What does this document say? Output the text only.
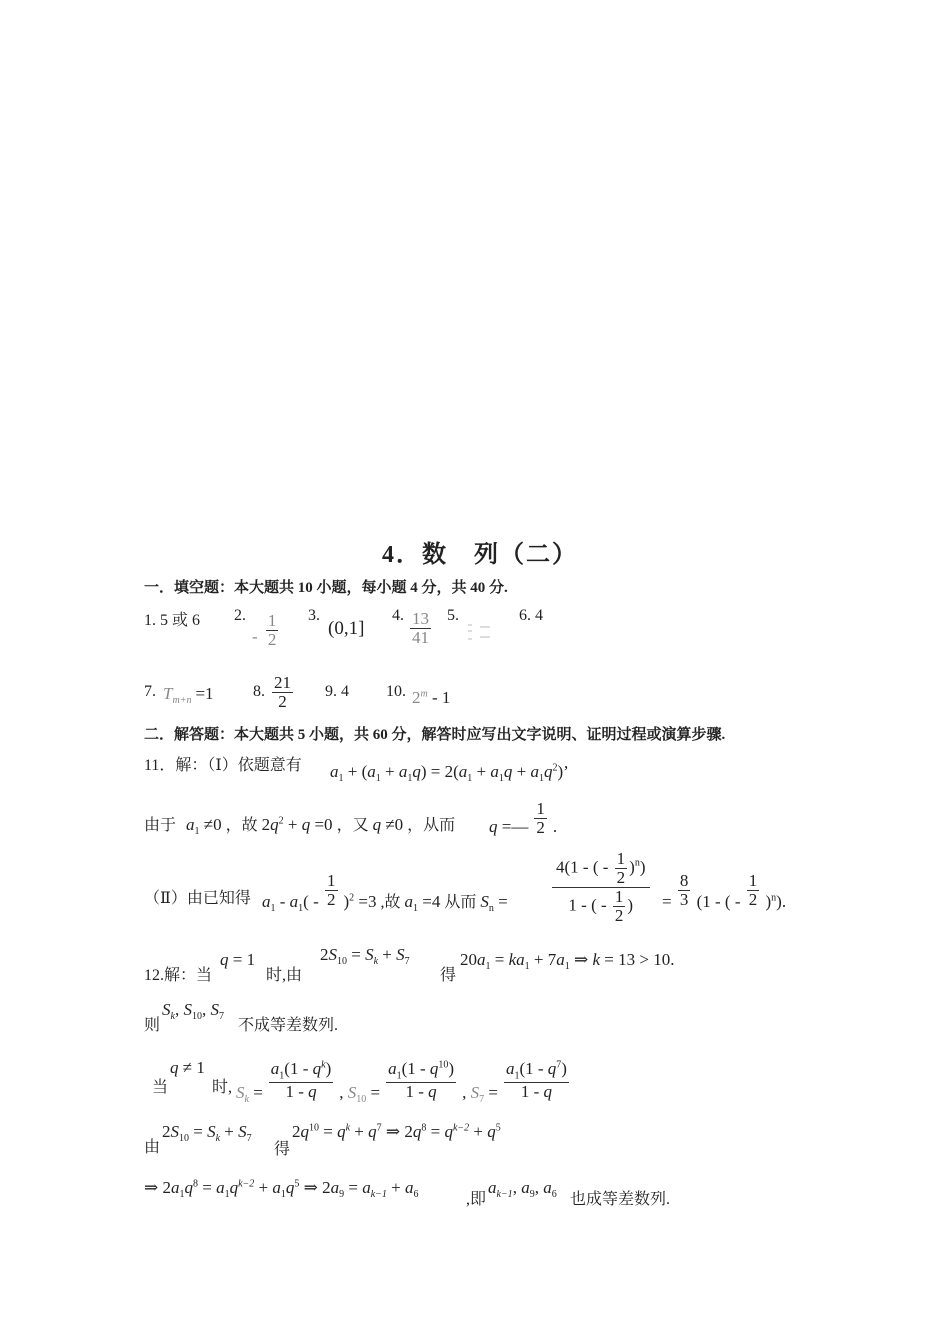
4．数　列（二）
一．填空题：本大题共 10 小题，每小题 4 分，共 40 分.
1. 5 或 6 2.
- $\frac{1}{2} 3$.
(0,1]
4. $\frac{13}{41} 5$.	6. 4
7. $T_{m+n} =1$ 8. $\frac{21}{2} 9$. 4 10. 2$^m$ - 1
二．解答题：本大题共 5 小题，共 60 分，解答时应写出文字说明、证明过程或演算步骤.
11．解：（Ⅰ）依题意有 $a_1 + (a_1 + a_1q) = 2(a_1 + a_1q + a_1q^2)$’
由于 $a_1 \ne 0$ ，故 $2q^2 + q =0$ ，又 q ≠0 ，从而 q =— $\frac{1}{2}$ .
（Ⅱ）由已知得 $a_1 - a_1( - \frac{1}{2} )^2 =3$ ,故 $a_1 =4$ 从而 $S_n$ =
4(1 - ( - $\frac{1}{2} )^n$)
1 - ( - $\frac{1}{2}$ )	= $\frac{8}{3} (1$ - ( - $\frac{1}{2} )^n$).
12.解：当
q = 1
时,由
$2S_{10} = S_k + S_7$
得
$20a_1 = ka_1 + 7a_1$ ⇒ k = 13 > 10.
则
$S_k$, $S_{10}$, $S_7$
不成等差数列.
当
q ≠ 1
时, $S_k = \frac{a_1(1 - q^k)}{1 - q}$ , $S_{10} = \frac{a_1(1 - q^{10})}{1 - q}$ , $S_7 = \frac{a_1(1 - q^7)}{1 - q}$
由
$2S_{10} = S_k + S_7$
得
$2q^{10} = q^k + q^7$ ⇒ $2q^8 = q^{k-2} + q^5$
⇒ $2a_1q^8 = a_1q^{k-2} + a_1q^5$ ⇒ $2a_9 = a_{k-1} + a_6$	,即
$a_{k-1}$, $a_9$, $a_6$ 也成等差数列.
